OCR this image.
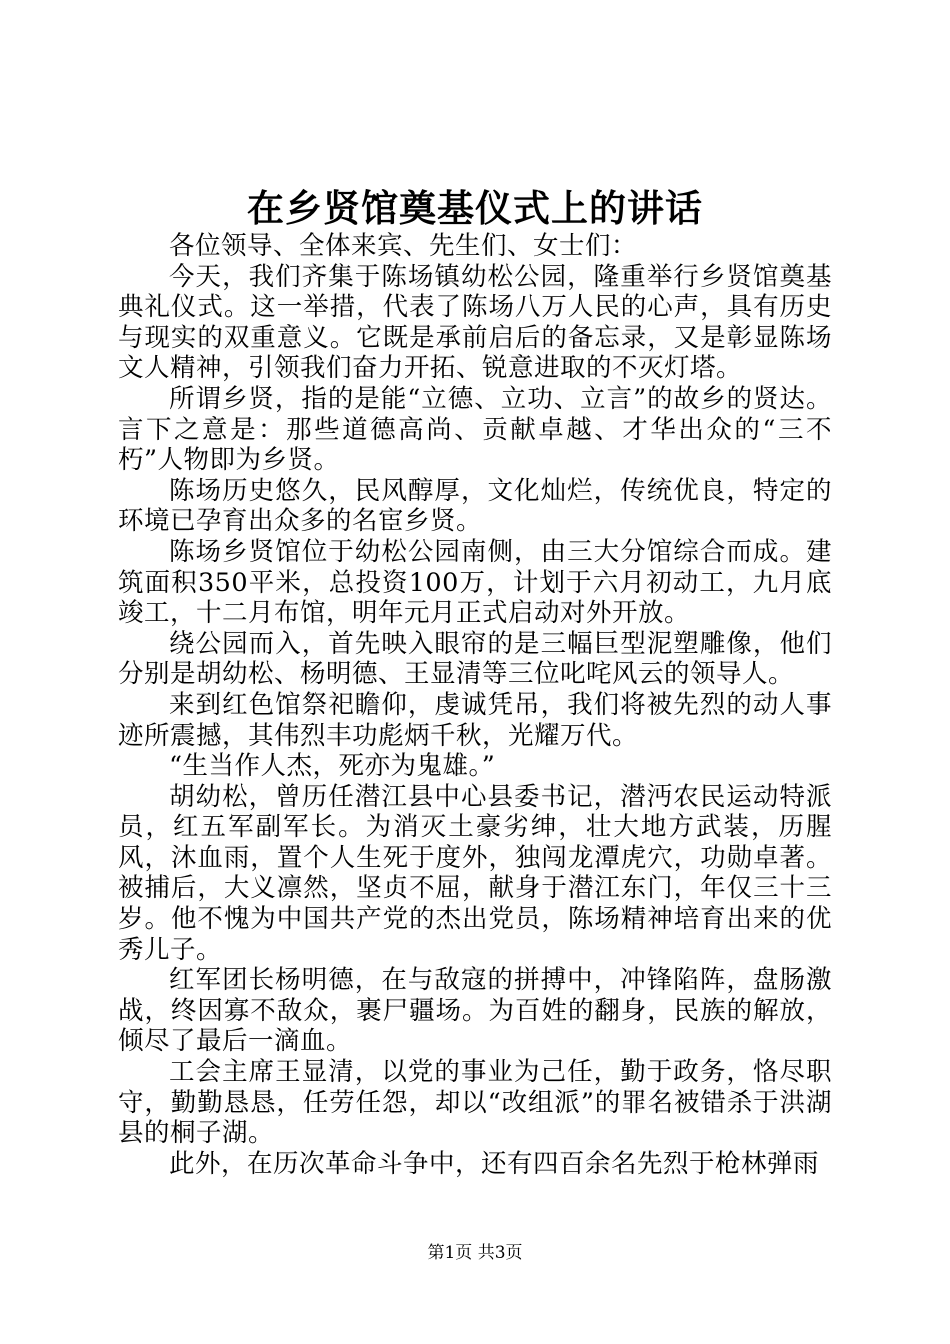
在乡贤馆奠基仪式上的讲话

各位领导、全体来宾、先生们、女士们：

今天，我们齐集于陈场镇幼松公园，隆重举行乡贤馆奠基典礼仪式。这一举措，代表了陈场八万人民的心声，具有历史与现实的双重意义。它既是承前启后的备忘录，又是彰显陈场文人精神，引领我们奋力开拓、锐意进取的不灭灯塔。

所谓乡贤，指的是能“立德、立功、立言”的故乡的贤达。言下之意是：那些道德高尚、贡献卓越、才华出众的“三不朽”人物即为乡贤。

陈场历史悠久，民风醇厚，文化灿烂，传统优良，特定的环境已孕育出众多的名宦乡贤。

陈场乡贤馆位于幼松公园南侧，由三大分馆综合而成。建筑面积350平米，总投资100万，计划于六月初动工，九月底竣工，十二月布馆，明年元月正式启动对外开放。

绕公园而入，首先映入眼帘的是三幅巨型泥塑雕像，他们分别是胡幼松、杨明德、王显清等三位叱咤风云的领导人。

来到红色馆祭祀瞻仰，虔诚凭吊，我们将被先烈的动人事迹所震撼，其伟烈丰功彪炳千秋，光耀万代。

“生当作人杰，死亦为鬼雄。”

胡幼松，曾历任潜江县中心县委书记，潜沔农民运动特派员，红五军副军长。为消灭土豪劣绅，壮大地方武装，历腥风，沐血雨，置个人生死于度外，独闯龙潭虎穴，功勋卓著。被捕后，大义凛然，坚贞不屈，献身于潜江东门，年仅三十三岁。他不愧为中国共产党的杰出党员，陈场精神培育出来的优秀儿子。

红军团长杨明德，在与敌寇的拼搏中，冲锋陷阵，盘肠激战，终因寡不敌众，裹尸疆场。为百姓的翻身，民族的解放，倾尽了最后一滴血。

工会主席王显清，以党的事业为己任，勤于政务，恪尽职守，勤勤恳恳，任劳任怨，却以“改组派”的罪名被错杀于洪湖县的桐子湖。

此外，在历次革命斗争中，还有四百余名先烈于枪林弹雨

第1页 共3页
